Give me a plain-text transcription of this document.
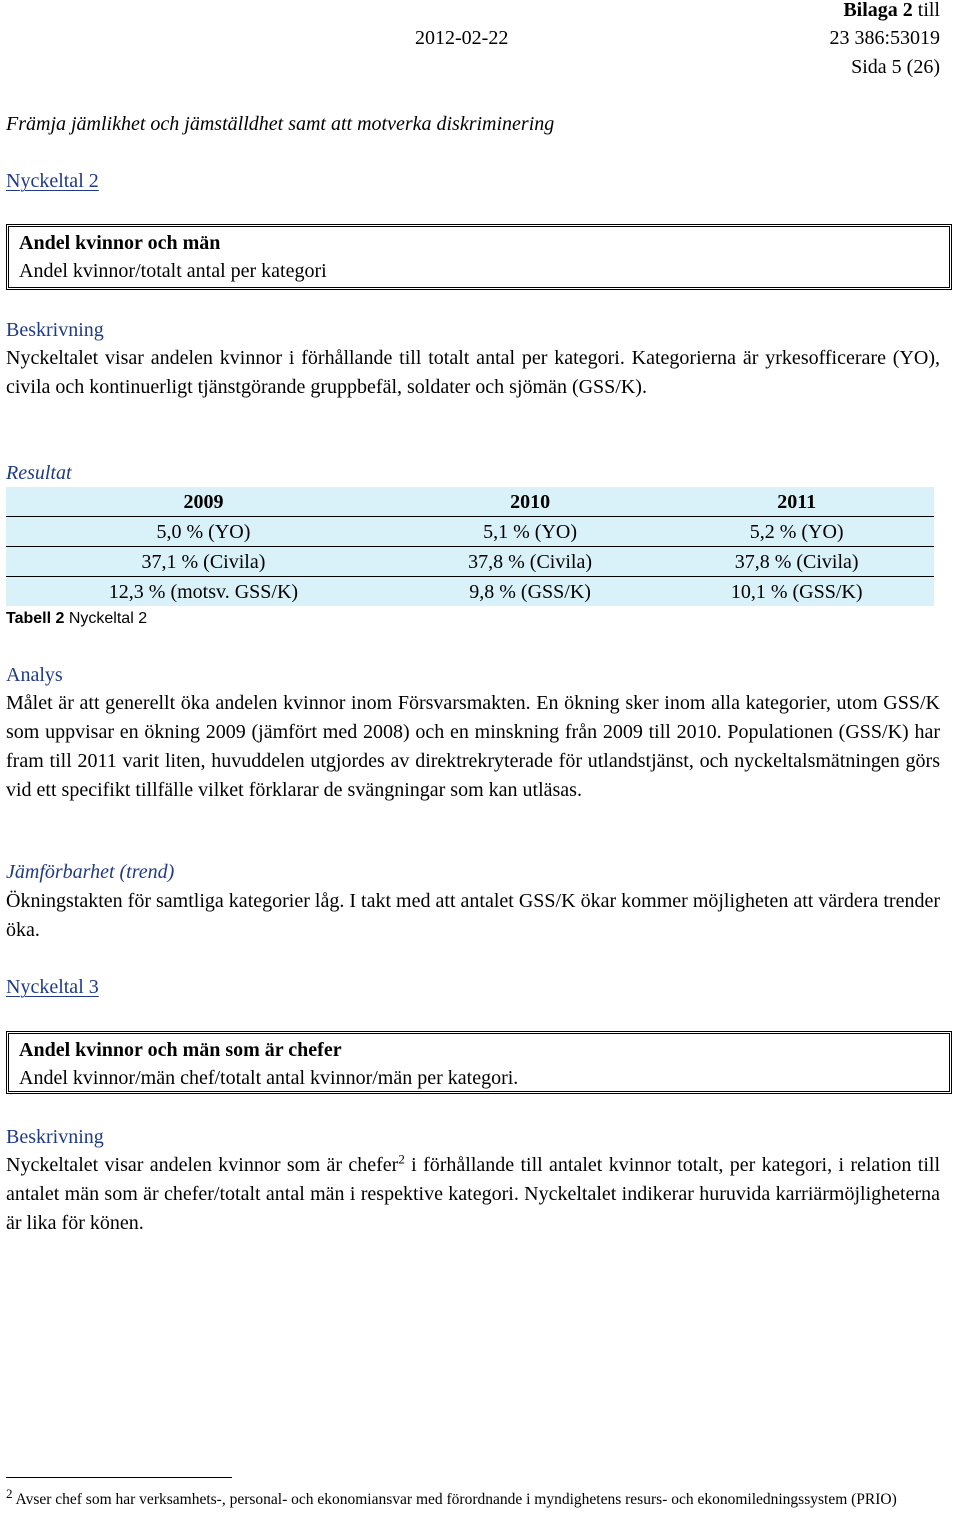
2012-02-22
Bilaga 2 till
23 386:53019
Sida 5 (26)
Främja jämlikhet och jämställdhet samt att motverka diskriminering
Nyckeltal 2
Andel kvinnor och män
Andel kvinnor/totalt antal per kategori
Beskrivning
Nyckeltalet visar andelen kvinnor i förhållande till totalt antal per kategori. Kategorierna är yrkesofficerare (YO), civila och kontinuerligt tjänstgörande gruppbefäl, soldater och sjömän (GSS/K).
Resultat
2009	2010	2011
5,0 % (YO)	5,1 % (YO)	5,2 % (YO)
37,1 % (Civila)	37,8 % (Civila)	37,8 % (Civila)
12,3 % (motsv. GSS/K)	9,8 % (GSS/K)	10,1 % (GSS/K)
Tabell 2 Nyckeltal 2
Analys
Målet är att generellt öka andelen kvinnor inom Försvarsmakten. En ökning sker inom alla kategorier, utom GSS/K som uppvisar en ökning 2009 (jämfört med 2008) och en minskning från 2009 till 2010. Populationen (GSS/K) har fram till 2011 varit liten, huvuddelen utgjordes av direktrekryterade för utlandstjänst, och nyckeltalsmätningen görs vid ett specifikt tillfälle vilket förklarar de svängningar som kan utläsas.
Jämförbarhet (trend)
Ökningstakten för samtliga kategorier låg. I takt med att antalet GSS/K ökar kommer möjligheten att värdera trender öka.
Nyckeltal 3
Andel kvinnor och män som är chefer
Andel kvinnor/män chef/totalt antal kvinnor/män per kategori.
Beskrivning
Nyckeltalet visar andelen kvinnor som är chefer$^2$ i förhållande till antalet kvinnor totalt, per kategori, i relation till antalet män som är chefer/totalt antal män i respektive kategori. Nyckeltalet indikerar huruvida karriärmöjligheterna är lika för könen.
$^2$ Avser chef som har verksamhets-, personal- och ekonomiansvar med förordnande i myndighetens resurs- och ekonomiledningssystem (PRIO)
